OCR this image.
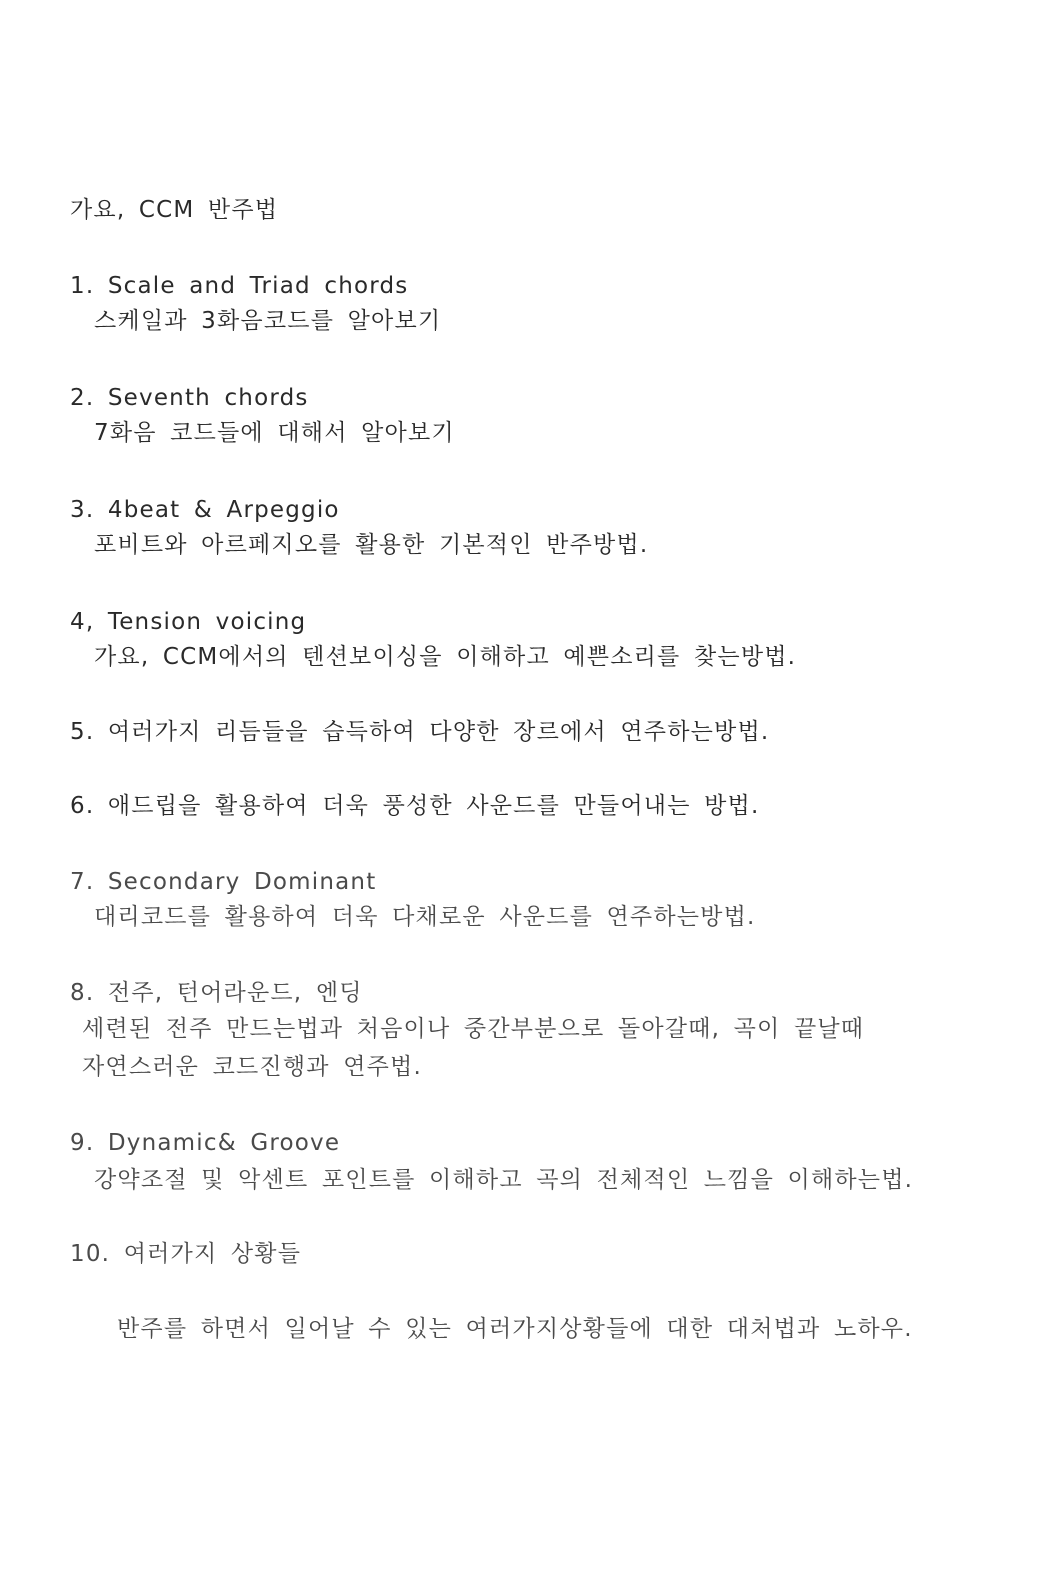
가요, CCM 반주법
1. Scale and Triad chords
스케일과 3화음코드를 알아보기
2. Seventh chords
7화음 코드들에 대해서 알아보기
3. 4beat & Arpeggio
포비트와 아르페지오를 활용한 기본적인 반주방법.
4, Tension voicing
가요, CCM에서의 텐션보이싱을 이해하고 예쁜소리를 찾는방법.
5. 여러가지 리듬들을 습득하여 다양한 장르에서 연주하는방법.
6. 애드립을 활용하여 더욱 풍성한 사운드를 만들어내는 방법.
7. Secondary Dominant
대리코드를 활용하여 더욱 다채로운 사운드를 연주하는방법.
8. 전주, 턴어라운드, 엔딩
세련된 전주 만드는법과 처음이나 중간부분으로 돌아갈때, 곡이 끝날때
자연스러운 코드진행과 연주법.
9. Dynamic& Groove
강약조절 및 악센트 포인트를 이해하고 곡의 전체적인 느낌을 이해하는법.
10. 여러가지 상황들
반주를 하면서 일어날 수 있는 여러가지상황들에 대한 대처법과 노하우.
